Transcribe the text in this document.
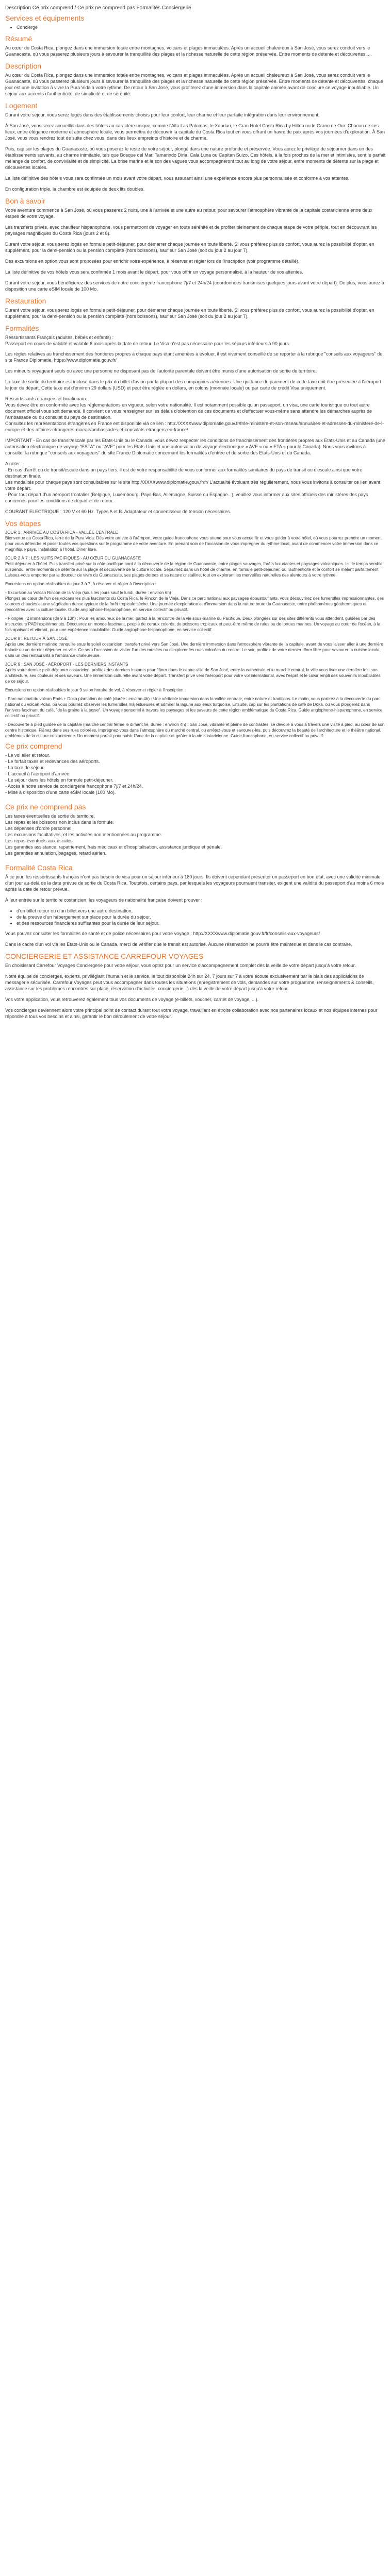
Description Ce prix comprend / Ce prix ne comprend pas Formalités Conciergerie
Services et équipements
• Concierge
Résumé

Au cœur du Costa Rica, plongez dans une immersion totale entre montagnes, volcans et plages immaculées. Après un accueil chaleureux à San José, vous serez conduit vers le Guanacaste, où vous passerez plusieurs jours à savourer la tranquillité des plages et la richesse naturelle de cette région préservée. Entre moments de détente et découvertes, ...

Description

Au cœur du Costa Rica, plongez dans une immersion totale entre montagnes, volcans et plages immaculées. Après un accueil chaleureux à San José, vous serez conduit vers le Guanacaste, où vous passerez plusieurs jours à savourer la tranquillité des plages et la richesse naturelle de cette région préservée. Entre moments de détente et découvertes, chaque jour est une invitation à vivre la Pura Vida à votre rythme. De retour à San José, vous profiterez d'une immersion dans la capitale animée avant de conclure ce voyage inoubliable. Un séjour aux accents d'authenticité, de simplicité et de sérénité.

Logement

Durant votre séjour, vous serez logés dans des établissements choisis pour leur confort, leur charme et leur parfaite intégration dans leur environnement.

À San José, vous serez accueillis dans des hôtels au caractère unique, comme l'Alta Las Palomas, le Xandari, le Gran Hotel Costa Rica by Hilton ou le Grano de Oro. Chacun de ces lieux, entre élégance moderne et atmosphère locale, vous permettra de découvrir la capitale du Costa Rica tout en vous offrant un havre de paix après vos journées d'exploration. À San José, vous vous rendrez tout de suite chez vous, dans des lieux empreints d'histoire et de charme.

Puis, cap sur les plages du Guanacaste, où vous poserez le reste de votre séjour, plongé dans une nature profonde et préservée. Vous aurez le privilège de séjourner dans un des établissements suivants, au charme inimitable, tels que Bosque del Mar, Tamarindo Diria, Cala Luna ou Capitan Suizo. Ces hôtels, à la fois proches de la mer et intimistes, sont le parfait mélange de confort, de convivialité et de simplicité. La brise marine et le son des vagues vous accompagneront tout au long de votre séjour, entre moments de détente sur la plage et découvertes locales.

La liste définitive des hôtels vous sera confirmée un mois avant votre départ, vous assurant ainsi une expérience encore plus personnalisée et conforme à vos attentes.

En configuration triple, la chambre est équipée de deux lits doubles.

Bon à savoir

Votre aventure commence à San José, où vous passerez 2 nuits, une à l'arrivée et une autre au retour, pour savourer l'atmosphère vibrante de la capitale costaricienne entre deux étapes de votre voyage.

Les transferts privés, avec chauffeur hispanophone, vous permettront de voyager en toute sérénité et de profiter pleinement de chaque étape de votre périple, tout en découvrant les paysages magnifiques du Costa Rica (jours 2 et 8).

Durant votre séjour, vous serez logés en formule petit-déjeuner, pour démarrer chaque journée en toute liberté. Si vous préférez plus de confort, vous aurez la possibilité d'opter, en supplément, pour la demi-pension ou la pension complète (hors boissons), sauf sur San José (soit du jour 2 au jour 7).

Des excursions en option vous sont proposées pour enrichir votre expérience, à réserver et régler lors de l'inscription (voir programme détaillé).

La liste définitive de vos hôtels vous sera confirmée 1 mois avant le départ, pour vous offrir un voyage personnalisé, à la hauteur de vos attentes.

Durant votre séjour, vous bénéficierez des services de notre conciergerie francophone 7j/7 et 24h/24 (coordonnées transmises quelques jours avant votre départ). De plus, vous aurez à disposition une carte eSIM locale de 100 Mo.

Restauration

Durant votre séjour, vous serez logés en formule petit-déjeuner, pour démarrer chaque journée en toute liberté. Si vous préférez plus de confort, vous aurez la possibilité d'opter, en supplément, pour la demi-pension ou la pension complète (hors boissons), sauf sur San José (soit du jour 2 au jour 7).

Formalités

Ressortissants Français (adultes, bébés et enfants) :

Passeport en cours de validité et valable 6 mois après la date de retour. Le Visa n'est pas nécessaire pour les séjours inférieurs à 90 jours.

Les règles relatives au franchissement des frontières propres à chaque pays étant amenées à évoluer, il est vivement conseillé de se reporter à la rubrique "conseils aux voyageurs" du site France Diplomatie, https://www.diplomatie.gouv.fr/

Les mineurs voyageant seuls ou avec une personne ne disposant pas de l'autorité parentale doivent être munis d'une autorisation de sortie de territoire.

La taxe de sortie du territoire est incluse dans le prix du billet d'avion par la plupart des compagnies aériennes. Une quittance du paiement de cette taxe doit être présentée à l'aéroport le jour du départ. Cette taxe est d'environ 29 dollars (USD) et peut être réglée en dollars, en colons (monnaie locale) ou par carte de crédit Visa uniquement.

Ressortissants étrangers et binationaux :
Vous devez être en conformité avec les réglementations en vigueur, selon votre nationalité. Il est notamment possible qu'un passeport, un visa, une carte touristique ou tout autre document officiel vous soit demandé. Il convient de vous renseigner sur les délais d'obtention de ces documents et d'effectuer vous-même sans attendre les démarches auprès de l'ambassade ou du consulat du pays de destination.
Consultez les représentations étrangères en France est disponible via ce lien : http://XXXXwww.diplomatie.gouv.fr/fr/le-ministere-et-son-reseau/annuaires-et-adresses-du-ministere-de-l-europe-et-des-affaires-etrangeres-maeae/ambassades-et-consulats-etrangers-en-france/

IMPORTANT - En cas de transit/escale par les Etats-Unis ou le Canada, vous devez respecter les conditions de franchissement des frontières propres aux Etats-Unis et au Canada (une autorisation électronique de voyage "ESTA" ou "AVE" pour les Etats-Unis et une autorisation de voyage électronique « AVE » ou « ETA » pour le Canada). Nous vous invitons à consulter la rubrique "conseils aux voyageurs" du site France Diplomatie concernant les formalités d'entrée et de sortie des Etats-Unis et du Canada.

A noter :
- En cas d'arrêt ou de transit/escale dans un pays tiers, il est de votre responsabilité de vous conformer aux formalités sanitaires du pays de transit ou d'escale ainsi que votre destination finale.
Les modalités pour chaque pays sont consultables sur le site http://XXXXwww.diplomatie.gouv.fr/fr/ L'actualité évoluant très régulièrement, nous vous invitons à consulter ce lien avant votre départ.
- Pour tout départ d'un aéroport frontalier (Belgique, Luxembourg, Pays-Bas, Allemagne, Suisse ou Espagne...), veuillez vous informer aux sites officiels des ministères des pays concernés pour les conditions de départ et de retour.

COURANT ELECTRIQUE : 120 V et 60 Hz. Types A et B. Adaptateur et convertisseur de tension nécessaires.

Vos étapes

JOUR 1 : ARRIVÉE AU COSTA RICA - VALLÉE CENTRALE
Bienvenue au Costa Rica, terre de la Pura Vida. Dès votre arrivée à l'aéroport, votre guide francophone vous attend pour vous accueillir et vous guider à votre hôtel, où vous pourrez prendre un moment pour vous détendre et poser toutes vos questions sur le programme de votre aventure. En prenant soin de l'occasion de vous imprégner du rythme local, avant de commencer votre immersion dans ce magnifique pays. Installation à l'hôtel. Dîner libre.

JOUR 2 À 7 : LES NUITS PACIFIQUES - AU CŒUR DU GUANACASTE
Petit-déjeuner à l'hôtel. Puis transfert privé sur la côte pacifique nord à la découverte de la région de Guanacaste, entre plages sauvages, forêts luxuriantes et paysages volcaniques. Ici, le temps semble suspendu, entre moments de détente sur la plage et découverte de la culture locale. Séjournez dans un hôtel de charme, en formule petit-déjeuner, où l'authenticité et le confort se mêlent parfaitement. Laissez-vous emporter par la douceur de vivre du Guanacaste, ses plages dorées et sa nature cristalline, tout en explorant les merveilles naturelles des alentours à votre rythme.

Excursions en option réalisables du jour 3 à 7, à réserver et régler à l'inscription :

- Excursion au Volcan Rincon de la Vieja (sous les jours sauf le lundi, durée : environ 6h)
Plongez au cœur de l'un des volcans les plus fascinants du Costa Rica, le Rincon de la Vieja. Dans ce parc national aux paysages époustouflants, vous découvrirez des fumerolles impressionnantes, des sources chaudes et une végétation dense typique de la forêt tropicale sèche. Une journée d'exploration et d'immersion dans la nature brute du Guanacaste, entre phénomènes géothermiques et rencontres avec la culture locale. Guide anglophone-hispanophone, en service collectif ou privatif.

- Plongée : 2 immersions (de 9 à 13h) : Pour les amoureux de la mer, partez à la rencontre de la vie sous-marine du Pacifique. Deux plongées sur des sites différents vous attendent, guidées par des instructeurs PADI expérimentés. Découvrez un monde fascinant, peuplé de coraux colorés, de poissons tropicaux et peut-être même de raies ou de tortues marines. Un voyage au cœur de l'océan, à la fois apaisant et vibrant, pour une expérience inoubliable. Guide anglophone-hispanophone, en service collectif.

JOUR 8 : RETOUR À SAN JOSÉ
Après une dernière matinée tranquille sous le soleil costaricien, transfert privé vers San José. Une dernière immersion dans l'atmosphère vibrante de la capitale, avant de vous laisser aller à une dernière balade ou un dernier déjeuner en ville. Ce sera l'occasion de visiter l'un des musées ou d'explorer les rues colorées du centre. Le soir, profitez de votre dernier dîner libre pour savourer la cuisine locale, dans un des restaurants à l'ambiance chaleureuse.

JOUR 9 : SAN JOSÉ - AÉROPORT - LES DERNIERS INSTANTS
Après votre dernier petit-déjeuner costaricien, profitez des derniers instants pour flâner dans le centre-ville de San José, entre la cathédrale et le marché central, la ville vous livre une dernière fois son architecture, ses couleurs et ses saveurs. Une immersion culturelle avant votre départ. Transfert privé vers l'aéroport pour votre vol international, avec l'esprit et le cœur empli des souvenirs inoubliables de ce séjour.

Excursions en option réalisables le jour 9 selon horaire de vol, à réserver et régler à l'inscription :

- Parc national du volcan Poás + Doka plantation de café (durée : environ 4h) : Une véritable immersion dans la vallée centrale, entre nature et traditions. Le matin, vous partirez à la découverte du parc national du volcan Poás, où vous pourrez observer les fumerolles majestueuses et admirer la lagune aux eaux turquoise. Ensuite, cap sur les plantations de café de Doka, où vous plongerez dans l'univers fascinant du café, "de la graine à la tasse". Un voyage sensoriel à travers les paysages et les saveurs de cette région emblématique du Costa Rica. Guide anglophone-hispanophone, en service collectif ou privatif.

- Découverte à pied guidée de la capitale (marché central ferme le dimanche, durée : environ 4h) : San José, vibrante et pleine de contrastes, se dévoile à vous à travers une visite à pied, au cœur de son centre historique. Flânez dans ses rues colorées, imprégnez-vous dans l'atmosphère du marché central, ou arrêtez-vous et savourez-les, puis découvrez la beauté de l'architecture et le théâtre national, emblèmes de la culture costaricienne. Un moment parfait pour saisir l'âme de la capitale et goûter à la vie costaricienne. Guide francophone, en service collectif ou privatif.

Ce prix comprend

- Le vol aller et retour.

- Le forfait taxes et redevances des aéroports.

- La taxe de séjour.

- L'accueil à l'aéroport d'arrivée.

- Le séjour dans les hôtels en formule petit-déjeuner.

- Accès à notre service de conciergerie francophone 7j/7 et 24h/24.

- Mise à disposition d'une carte eSIM locale (100 Mo).

Ce prix ne comprend pas

Les taxes éventuelles de sortie du territoire.

Les repas et les boissons non inclus dans la formule.

Les dépenses d'ordre personnel.

Les excursions facultatives, et les activités non mentionnées au programme.

Les repas éventuels aux escales.

Les garanties assistance, rapatriement, frais médicaux et d'hospitalisation, assistance juridique et pénale.

Les garanties annulation, bagages, retard aérien.

Formalité Costa Rica

À ce jour, les ressortissants français n'ont pas besoin de visa pour un séjour inférieur à 180 jours. Ils doivent cependant présenter un passeport en bon état, avec une validité minimale d'un jour au-delà de la date prévue de sortie du Costa Rica. Toutefois, certains pays, par lesquels les voyageurs pourraient transiter, exigent une validité du passeport d'au moins 6 mois après la date de retour prévue.

À leur entrée sur le territoire costaricien, les voyageurs de nationalité française doivent prouver :

• d'un billet retour ou d'un billet vers une autre destination,
• de la preuve d'un hébergement sur place pour la durée du séjour,
• et des ressources financières suffisantes pour la durée de leur séjour.

Vous pouvez consulter les formalités de santé et de police nécessaires pour votre voyage : http://XXXXwww.diplomatie.gouv.fr/fr/conseils-aux-voyageurs/

Dans le cadre d'un vol via les Etats-Unis ou le Canada, merci de vérifier que le transit est autorisé. Aucune réservation ne pourra être maintenue et dans le cas contraire.

CONCIERGERIE ET ASSISTANCE CARREFOUR VOYAGES

En choisissant Carrefour Voyages Conciergerie pour votre séjour, vous optez pour un service d'accompagnement complet dès la veille de votre départ jusqu'à votre retour.

Notre équipe de concierges, experts, privilégiant l'humain et le service, le tout disponible 24h sur 24, 7 jours sur 7 à votre écoute exclusivement par le biais des applications de messagerie sécurisée. Carrefour Voyages peut vous accompagner dans toutes les situations (enregistrement de vols, demandes sur votre programme, renseignements & conseils, assistance sur les problèmes rencontrés sur place, réservation d'activités, conciergerie...) dès la veille de votre départ jusqu'à votre retour.

Vos votre application, vous retrouverez également tous vos documents de voyage (e-billets, voucher, carnet de voyage, ...).

Vos concierges deviennent alors votre principal point de contact durant tout votre voyage, travaillant en étroite collaboration avec nos partenaires locaux et nos équipes internes pour répondre à tous vos besoins et ainsi, garantir le bon déroulement de votre séjour.
